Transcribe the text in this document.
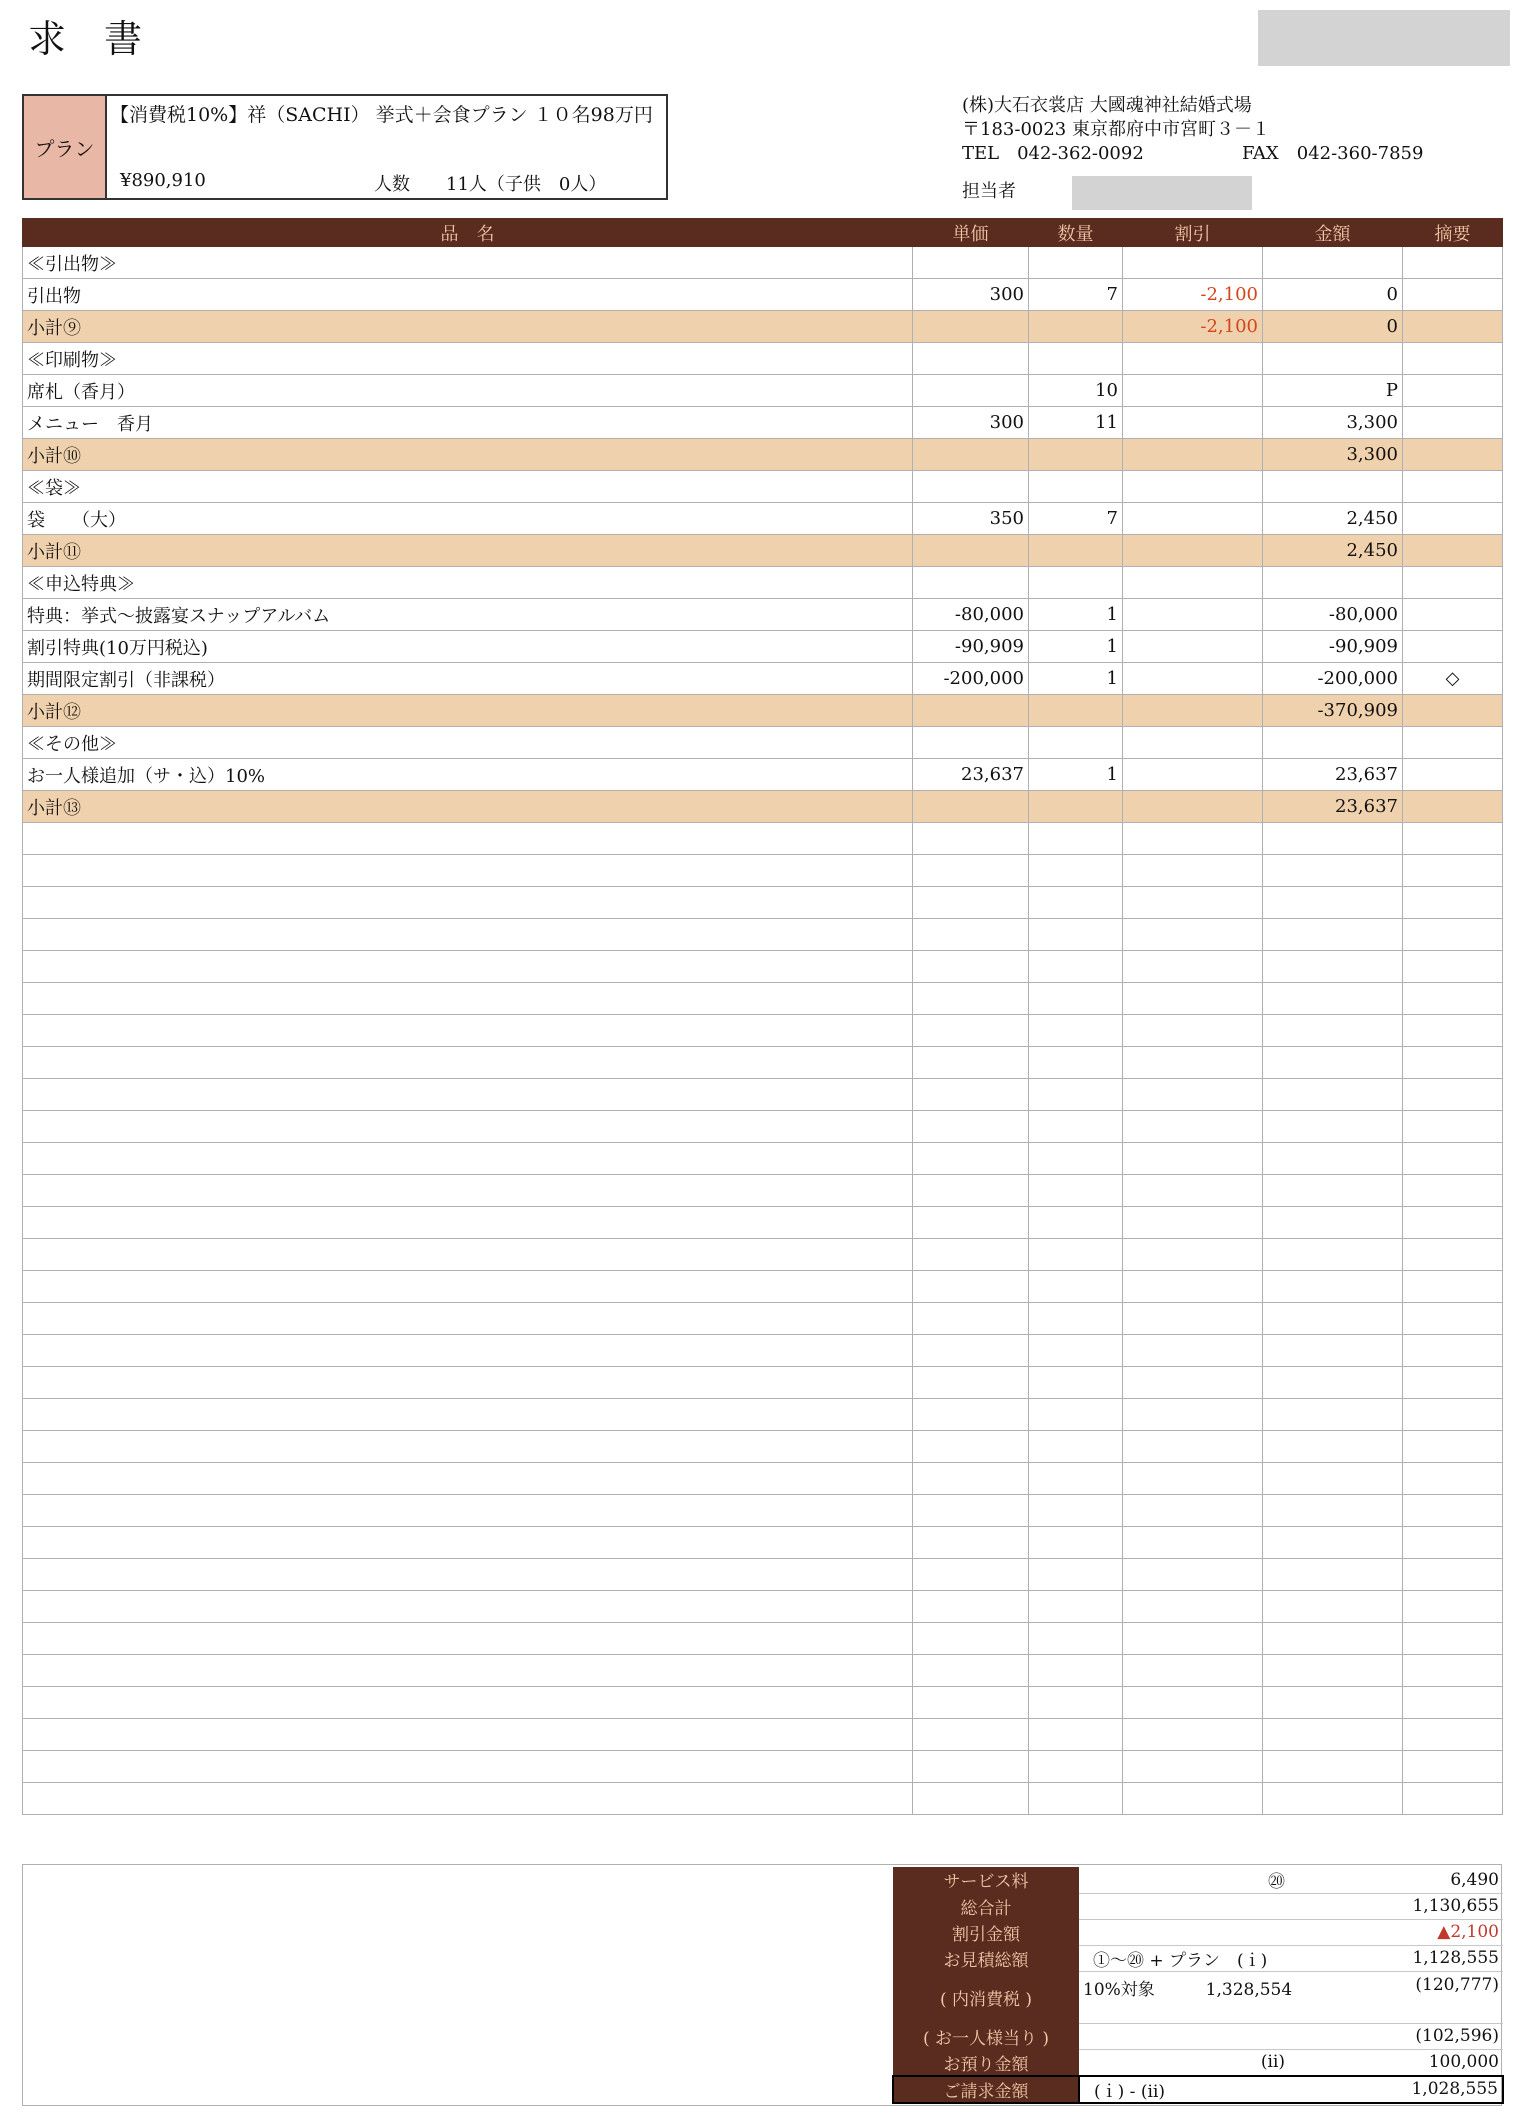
求書
プラン
【消費税10%】祥（SACHI） 挙式＋会食プラン １０名98万円
¥890,910	人数　　11人（子供　0人）
(株)大石衣裳店 大國魂神社結婚式場
〒183-0023 東京都府中市宮町３－１
TEL　042-362-0092	FAX　042-360-7859
担当者
品　名	単価	数量	割引	金額	摘要
≪引出物≫					
引出物	300	7	-2,100	0	
小計⑨			-2,100	0	
≪印刷物≫					
席札（香月）		10		P	
メニュー　香月	300	11		3,300	
小計⑩				3,300	
≪袋≫					
袋　　（大）	350	7		2,450	
小計⑪				2,450	
≪申込特典≫					
特典：挙式～披露宴スナップアルバム	-80,000	1		-80,000	
割引特典(10万円税込)	-90,909	1		-90,909	
期間限定割引（非課税）	-200,000	1		-200,000	◇
小計⑫				-370,909	
≪その他≫					
お一人様追加（サ・込）10%	23,637	1		23,637	
小計⑬				23,637	

サービス料	⑳	6,490
総合計		1,130,655
割引金額		▲2,100
お見積総額	①～⑳ + プラン　(ｉ)	1,128,555
( 内消費税 )	10%対象 1,328,554	(120,777)
( お一人様当り )		(102,596)
お預り金額	(ⅱ)	100,000
ご請求金額	(ｉ) - (ⅱ)	1,028,555
